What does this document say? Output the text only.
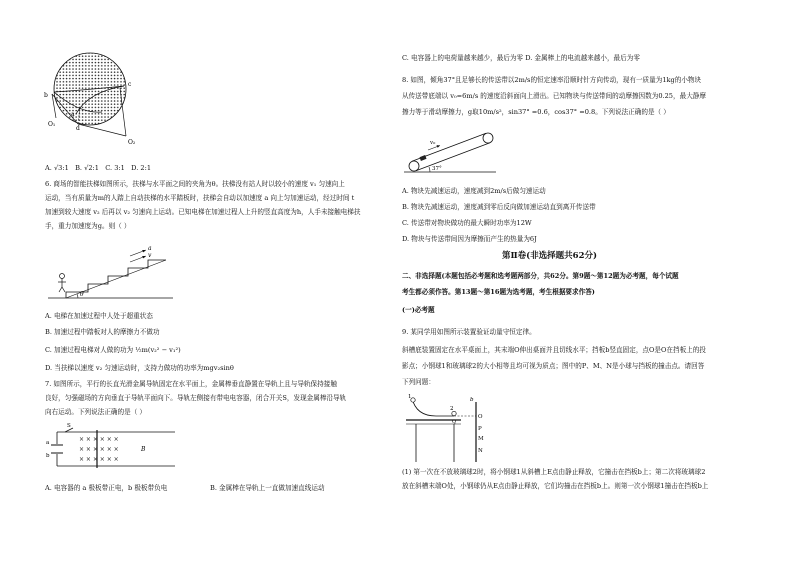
b
a
c
O₁
O₂
d
A. √3:1 B. √2:1 C. 3:1 D. 2:1
6. 商场的智能扶梯如图所示，扶梯与水平面之间的夹角为θ。扶梯没有站人时以较小的速度 v₁ 匀速向上
运动，当有质量为m的人踏上自动扶梯的水平踏板时，扶梯会自动以加速度 a 向上匀加速运动，经过时间 t
加速到较大速度 v₂ 后再以 v₂ 匀速向上运动。已知电梯在加速过程人上升的竖直高度为h，人手未接触电梯扶
手，重力加速度为g。则（ ）
a
v
θ
A. 电梯在加速过程中人处于超重状态
B. 加速过程中踏板对人的摩擦力不做功
C. 加速过程电梯对人做的功为 ½m(v₂² − v₁²)
D. 当扶梯以速度 v₂ 匀速运动时，支持力做功的功率为mgv₂sinθ
7. 如图所示，平行的长直光滑金属导轨固定在水平面上，金属棒垂直静置在导轨上且与导轨保持接触
良好，匀强磁场的方向垂直于导轨平面向下。导轨左侧接有带电电容器，闭合开关S，发现金属棒沿导轨
向右运动。下列说法正确的是（ ）
S
a
b
× × × × × ×
× × × × × ×
× × × × × ×
B
A. 电容器的 a 极板带正电，b 极板带负电	B. 金属棒在导轨上一直做加速直线运动
C. 电容器上的电荷量越来越少，最后为零 D. 金属棒上的电流越来越小，最后为零
8. 如图，倾角37°且足够长的传送带以2m/s的恒定速率沿顺时针方向传动，现有一质量为1kg的小物块
从传送带底端以 v₀=6m/s 的速度沿斜面向上滑出。已知物块与传送带间的动摩擦因数为0.25，最大静摩
擦力等于滑动摩擦力，g取10m/s²，sin37° =0.6，cos37° =0.8。下列说法正确的是（ ）
v₀
37°
A. 物块先减速运动，速度减到2m/s后做匀速运动
B. 物块先减速运动，速度减到零后反向做加速运动直到离开传送带
C. 传送带对物块做功的最大瞬时功率为12W
D. 物块与传送带间因为摩擦而产生的热量为6J
第Ⅱ卷(非选择题共62分)
二、非选择题(本题包括必考题和选考题两部分，共62分。第9题～第12题为必考题，每个试题
考生都必须作答。第13题～第16题为选考题，考生根据要求作答)
(一)必考题
9. 某同学用如图所示装置验证动量守恒定律。
斜槽底装置固定在水平桌面上，其末端O伸出桌面并且切线水平；挡板b竖直固定，点O是O在挡板上的投
影点；小钢球1和玻璃球2的大小相等且均可视为质点；图中的P、M、N是小球与挡板的撞击点。请回答
下列问题：
1
2
Q
O
P
M
N
b
(1) 第一次在不放玻璃球2时，将小钢球1从斜槽上E点由静止释放，它撞击在挡板b上；第二次将玻璃球2
放在斜槽末端O处，小钢球仍从E点由静止释放，它们均撞击在挡板b上。则第一次小钢球1撞击在挡板b上
